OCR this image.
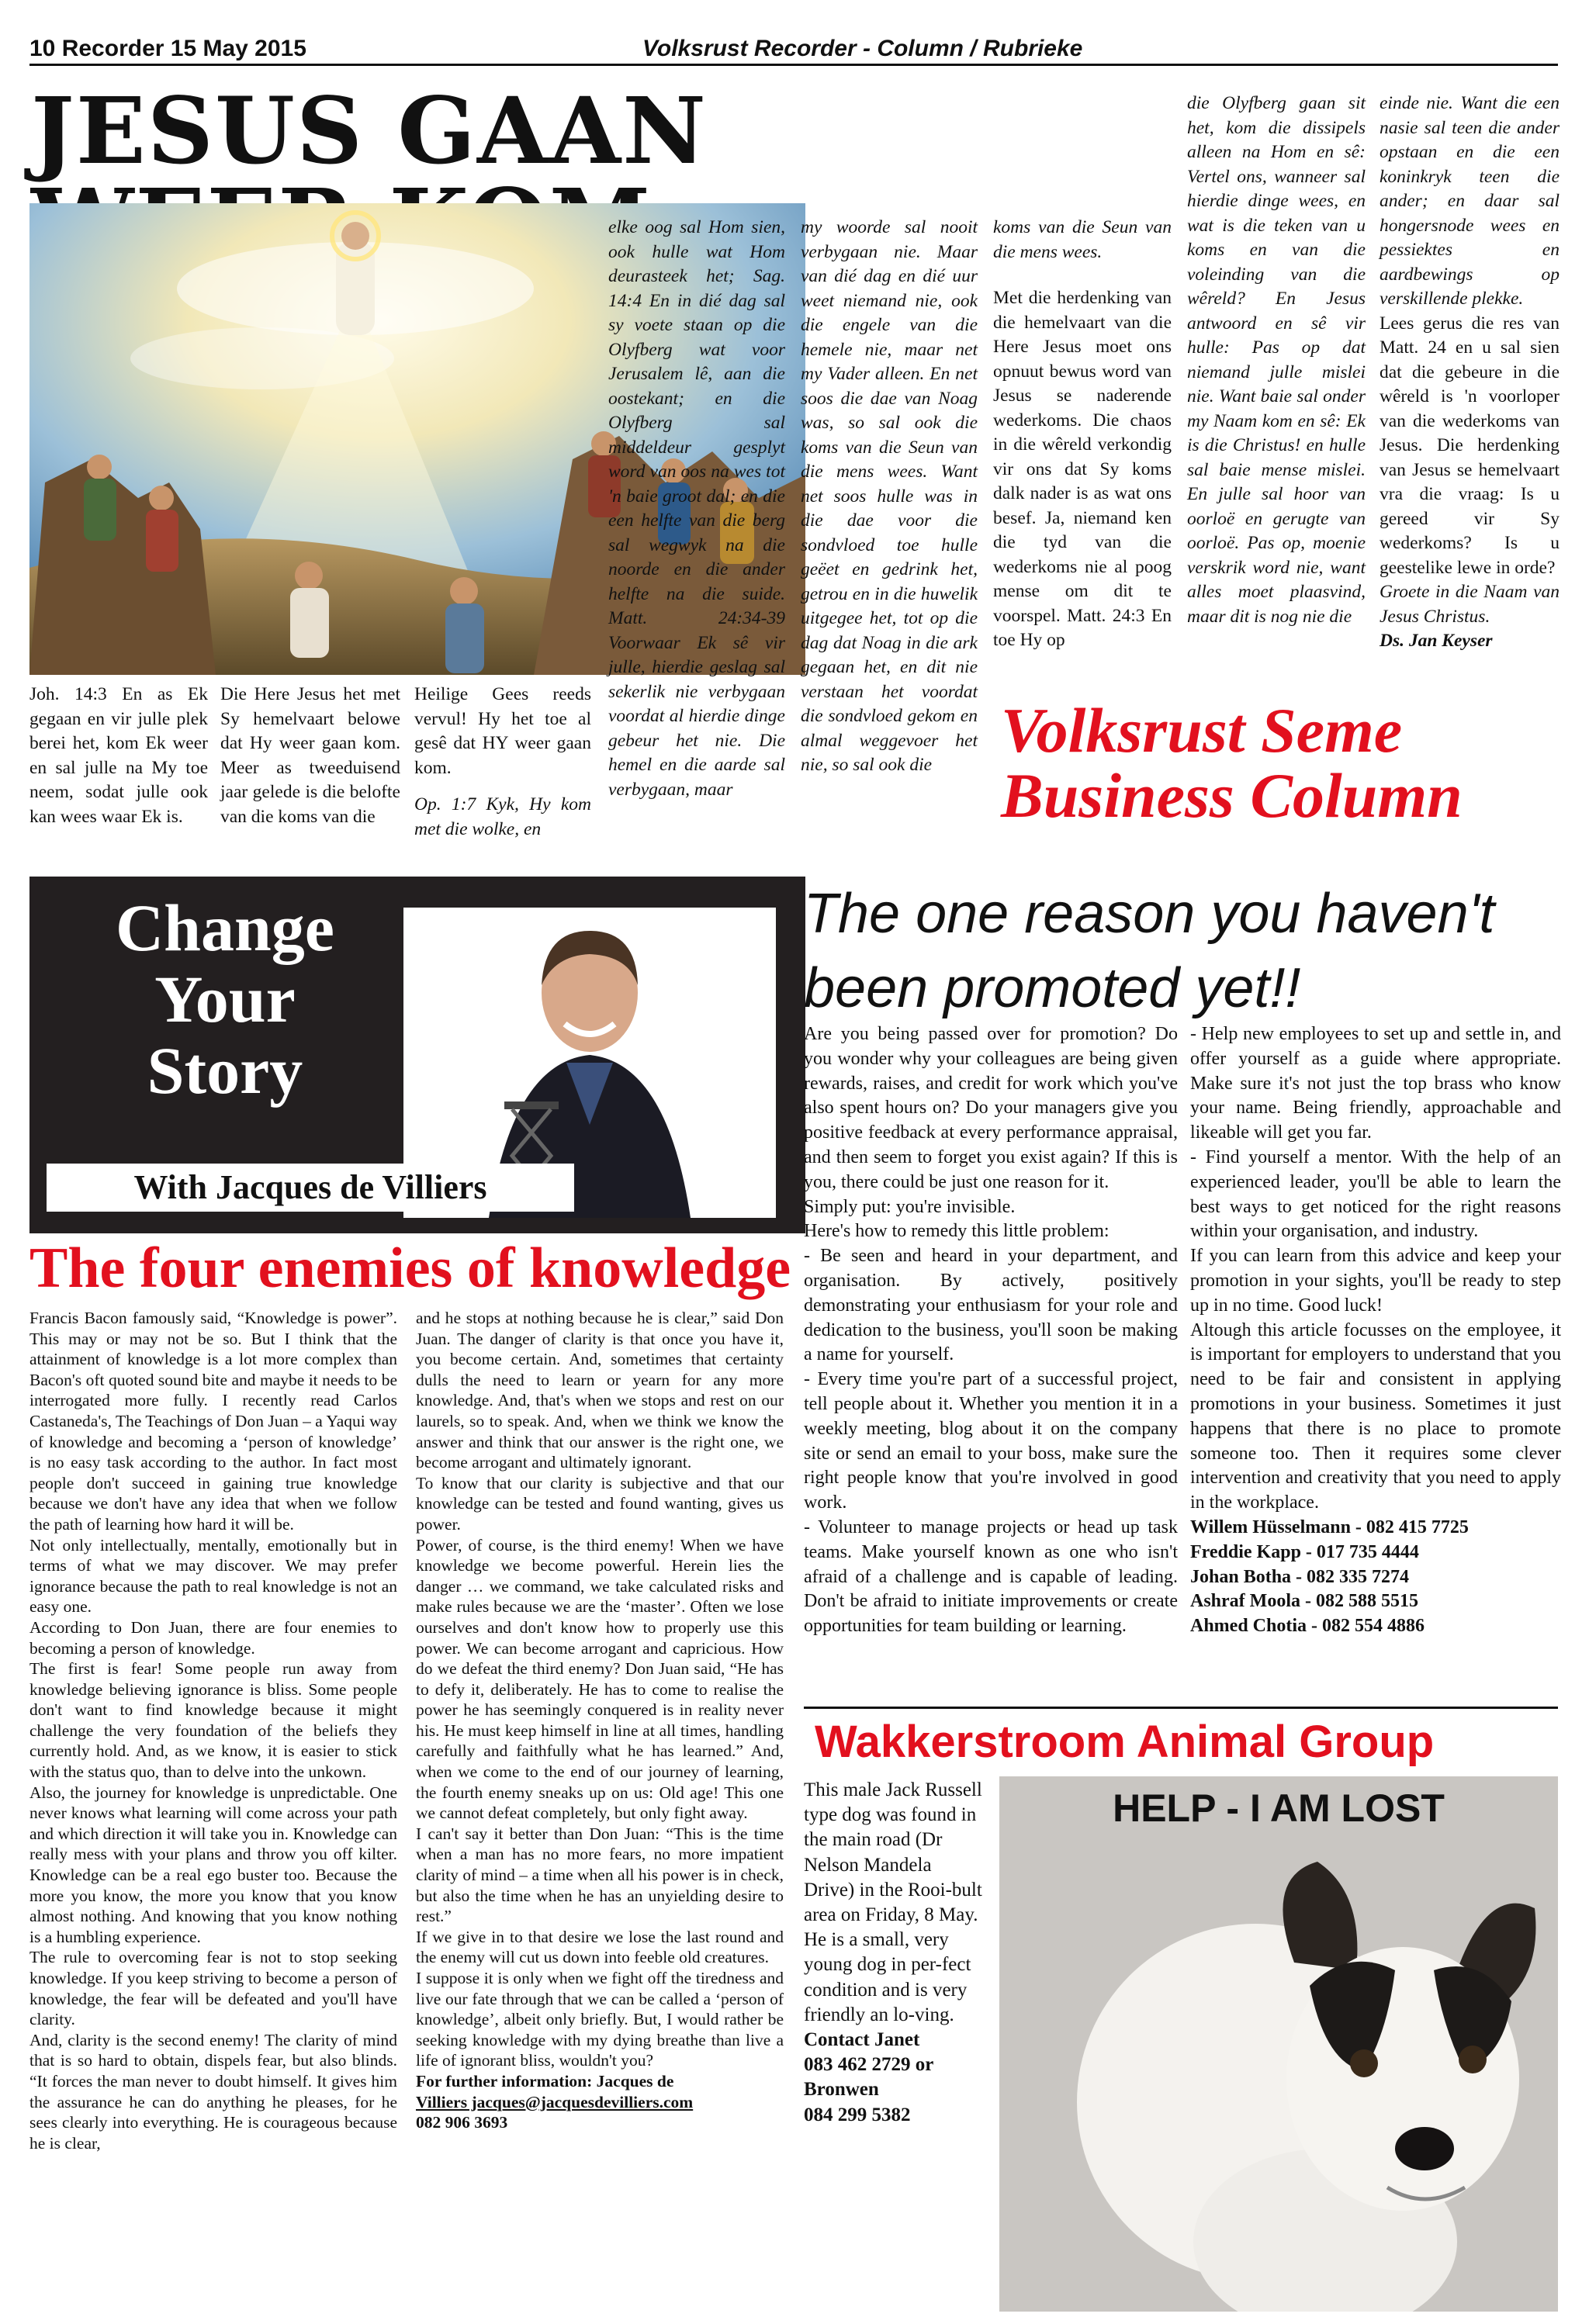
10 Recorder 15 May 2015	Volksrust Recorder - Column / Rubrieke
JESUS GAAN
Joh. 14:3 En as Ek gegaan en vir julle plek berei het, kom Ek weer en sal julle na My toe neem, sodat julle ook kan wees waar Ek is.
Die Here Jesus het met Sy hemelvaart belowe dat Hy weer gaan kom. Meer as tweeduisend jaar gelede is die belofte van die koms van die

Heilige Gees reeds vervul! Hy het toe al gesê dat HY weer gaan kom.

Op. 1:7 Kyk, Hy kom met die wolke, en

elke oog sal Hom sien, ook hulle wat Hom deurasteek het; Sag. 14:4 En in dié dag sal sy voete staan op die Olyfberg wat voor Jerusalem lê, aan die oostekant; en die Olyfberg sal middeldeur gesplyt word van oos na wes tot 'n baie groot dal; en die een helfte van die berg sal wegwyk na die noorde en die ander helfte na die suide. Matt. 24:34-39 Voorwaar Ek sê vir julle, hierdie geslag sal sekerlik nie verbygaan voordat al hierdie dinge gebeur het nie. Die hemel en die aarde sal verbygaan, maar
my woorde sal nooit verbygaan nie. Maar van dié dag en dié uur weet niemand nie, ook die engele van die hemele nie, maar net my Vader alleen. En net soos die dae van Noag was, so sal ook die koms van die Seun van die mens wees. Want net soos hulle was in die dae voor die sondvloed toe hulle geëet en gedrink het, getrou en in die huwelik uitgegee het, tot op die dag dat Noag in die ark gegaan het, en dit nie verstaan het voordat die sondvloed gekom en almal weggevoer het nie, so sal ook die

koms van die Seun van die mens wees.

Met die herdenking van die hemelvaart van die Here Jesus moet ons opnuut bewus word van Jesus se naderende wederkoms. Die chaos in die wêreld verkondig vir ons dat Sy koms dalk nader is as wat ons besef. Ja, niemand ken die tyd van die wederkoms nie al poog mense om dit te voorspel. Matt. 24:3 En toe Hy op

die Olyfberg gaan sit het, kom die dissipels alleen na Hom en sê: Vertel ons, wanneer sal hierdie dinge wees, en wat is die teken van u koms en van die voleinding van die wêreld? En Jesus antwoord en sê vir hulle: Pas op dat niemand julle mislei nie. Want baie sal onder my Naam kom en sê: Ek is die Christus! en hulle sal baie mense mislei. En julle sal hoor van oorloë en gerugte van oorloë. Pas op, moenie verskrik word nie, want alles moet plaasvind, maar dit is nog nie die

einde nie. Want die een nasie sal teen die ander opstaan en die een koninkryk teen die ander; en daar sal hongersnode wees en pessiektes en aardbewings op verskillende plekke.

Lees gerus die res van Matt. 24 en u sal sien dat die gebeure in die wêreld is 'n voorloper van die wederkoms van Jesus. Die herdenking van Jesus se hemelvaart vra die vraag: Is u gereed vir Sy wederkoms? Is u geestelike lewe in orde?

Groete in die Naam van Jesus Christus.

Ds. Jan Keyser

Volksrust Seme
Business Column
Change
Your
Story
With Jacques de Villiers
The four enemies of knowledge

Francis Bacon famously said, “Knowledge is power”. This may or may not be so. But I think that the attainment of knowledge is a lot more complex than Bacon's oft quoted sound bite and maybe it needs to be interrogated more fully. I recently read Carlos Castaneda's, The Teachings of Don Juan – a Yaqui way of knowledge and becoming a ‘person of knowledge’ is no easy task according to the author. In fact most people don't succeed in gaining true knowledge because we don't have any idea that when we follow the path of learning how hard it will be.

Not only intellectually, mentally, emotionally but in terms of what we may discover. We may prefer ignorance because the path to real knowledge is not an easy one.

According to Don Juan, there are four enemies to becoming a person of knowledge.

The first is fear! Some people run away from knowledge believing ignorance is bliss. Some people don't want to find knowledge because it might challenge the very foundation of the beliefs they currently hold. And, as we know, it is easier to stick with the status quo, than to delve into the unkown.

Also, the journey for knowledge is unpredictable. One never knows what learning will come across your path and which direction it will take you in. Knowledge can really mess with your plans and throw you off kilter. Knowledge can be a real ego buster too. Because the more you know, the more you know that you know almost nothing. And knowing that you know nothing is a humbling experience.

The rule to overcoming fear is not to stop seeking knowledge. If you keep striving to become a person of knowledge, the fear will be defeated and you'll have clarity.

And, clarity is the second enemy! The clarity of mind that is so hard to obtain, dispels fear, but also blinds. “It forces the man never to doubt himself. It gives him the assurance he can do anything he pleases, for he sees clearly into everything. He is courageous because he is clear,

and he stops at nothing because he is clear,” said Don Juan. The danger of clarity is that once you have it, you become certain. And, sometimes that certainty dulls the need to learn or yearn for any more knowledge. And, that's when we stops and rest on our laurels, so to speak. And, when we think we know the answer and think that our answer is the right one, we become arrogant and ultimately ignorant.

To know that our clarity is subjective and that our knowledge can be tested and found wanting, gives us power.

Power, of course, is the third enemy! When we have knowledge we become powerful. Herein lies the danger … we command, we take calculated risks and make rules because we are the ‘master’. Often we lose ourselves and don't know how to properly use this power. We can become arrogant and capricious. How do we defeat the third enemy? Don Juan said, “He has to defy it, deliberately. He has to come to realise the power he has seemingly conquered is in reality never his. He must keep himself in line at all times, handling carefully and faithfully what he has learned.” And, when we come to the end of our journey of learning, the fourth enemy sneaks up on us: Old age! This one we cannot defeat completely, but only fight away.

I can't say it better than Don Juan: “This is the time when a man has no more fears, no more impatient clarity of mind – a time when all his power is in check, but also the time when he has an unyielding desire to rest.”

If we give in to that desire we lose the last round and the enemy will cut us down into feeble old creatures.

I suppose it is only when we fight off the tiredness and live our fate through that we can be called a ‘person of knowledge’, albeit only briefly. But, I would rather be seeking knowledge with my dying breathe than live a life of ignorant bliss, wouldn't you?

For further information: Jacques de

Villiers jacques@jacquesdevilliers.com

082 906 3693

The one reason you haven't been promoted yet!!

Are you being passed over for promotion? Do you wonder why your colleagues are being given rewards, raises, and credit for work which you've also spent hours on? Do your managers give you positive feedback at every performance appraisal, and then seem to forget you exist again? If this is you, there could be just one reason for it.

Simply put: you're invisible.

Here's how to remedy this little problem:

- Be seen and heard in your department, and organisation. By actively, positively demonstrating your enthusiasm for your role and dedication to the business, you'll soon be making a name for yourself.

- Every time you're part of a successful project, tell people about it. Whether you mention it in a weekly meeting, blog about it on the company site or send an email to your boss, make sure the right people know that you're involved in good work.

- Volunteer to manage projects or head up task teams. Make yourself known as one who isn't afraid of a challenge and is capable of leading. Don't be afraid to initiate improvements or create opportunities for team building or learning.

- Help new employees to set up and settle in, and offer yourself as a guide where appropriate. Make sure it's not just the top brass who know your name. Being friendly, approachable and likeable will get you far.

- Find yourself a mentor. With the help of an experienced leader, you'll be able to learn the best ways to get noticed for the right reasons within your organisation, and industry.

If you can learn from this advice and keep your promotion in your sights, you'll be ready to step up in no time. Good luck!

Altough this article focusses on the employee, it is important for employers to understand that you need to be fair and consistent in applying promotions in your business. Sometimes it just happens that there is no place to promote someone too. Then it requires some clever intervention and creativity that you need to apply in the workplace.

Willem Hüsselmann - 082 415 7725

Freddie Kapp - 017 735 4444

Johan Botha - 082 335 7274

Ashraf Moola - 082 588 5515

Ahmed Chotia - 082 554 4886

Wakkerstroom Animal Group

This male Jack Russell type dog was found in the main road (Dr Nelson Mandela Drive) in the Rooi-bult area on Friday, 8 May.

He is a small, very young dog in per-fect condition and is very friendly an lo-ving.

Contact Janet

083 462 2729 or

Bronwen

084 299 5382

HELP - I AM LOST
